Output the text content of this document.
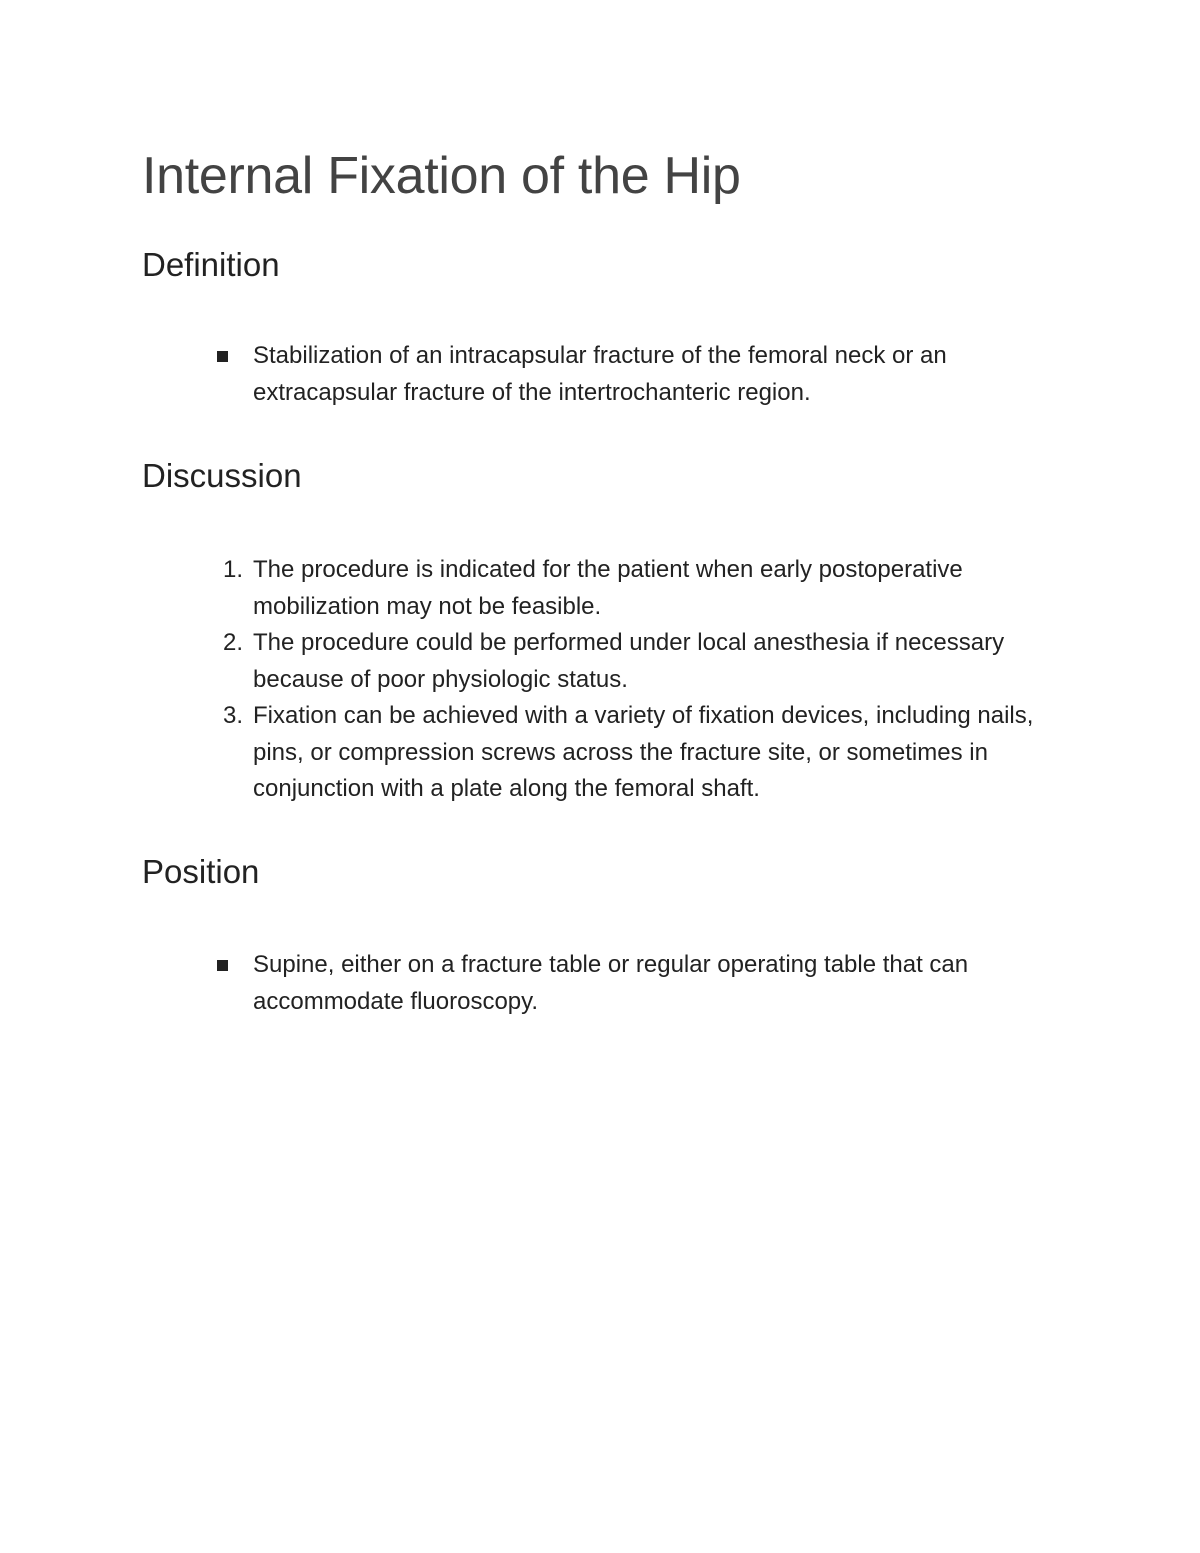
Internal Fixation of the Hip
Definition
Stabilization of an intracapsular fracture of the femoral neck or an extracapsular fracture of the intertrochanteric region.
Discussion
1. The procedure is indicated for the patient when early postoperative mobilization may not be feasible.
2. The procedure could be performed under local anesthesia if necessary because of poor physiologic status.
3. Fixation can be achieved with a variety of fixation devices, including nails, pins, or compression screws across the fracture site, or sometimes in conjunction with a plate along the femoral shaft.
Position
Supine, either on a fracture table or regular operating table that can accommodate fluoroscopy.
